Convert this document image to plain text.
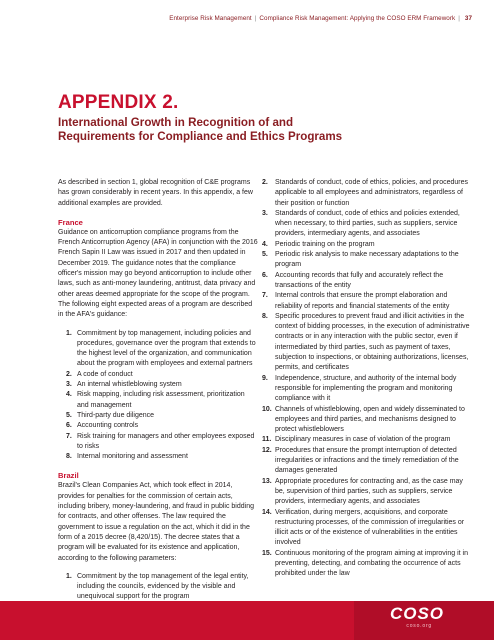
Enterprise Risk Management | Compliance Risk Management: Applying the COSO ERM Framework | 37
APPENDIX 2.
International Growth in Recognition of and Requirements for Compliance and Ethics Programs

As described in section 1, global recognition of C&E programs has grown considerably in recent years. In this appendix, a few additional examples are provided.

France

Guidance on anticorruption compliance programs from the French Anticorruption Agency (AFA) in conjunction with the 2016 French Sapin II Law was issued in 2017 and then updated in December 2019. The guidance notes that the compliance officer's mission may go beyond anticorruption to include other laws, such as anti-money laundering, antitrust, data privacy and other areas deemed appropriate for the scope of the program. The following eight expected areas of a program are described in the AFA's guidance:

1. Commitment by top management, including policies and procedures, governance over the program that extends to the highest level of the organization, and communication about the program with employees and external partners
2. A code of conduct
3. An internal whistleblowing system
4. Risk mapping, including risk assessment, prioritization and management
5. Third-party due diligence
6. Accounting controls
7. Risk training for managers and other employees exposed to risks
8. Internal monitoring and assessment
Brazil

Brazil's Clean Companies Act, which took effect in 2014, provides for penalties for the commission of certain acts, including bribery, money-laundering, and fraud in public bidding for contracts, and other offenses. The law required the government to issue a regulation on the act, which it did in the form of a 2015 decree (8,420/15). The decree states that a program will be evaluated for its existence and application, according to the following parameters:

1. Commitment by the top management of the legal entity, including the councils, evidenced by the visible and unequivocal support for the program
2. Standards of conduct, code of ethics, policies, and procedures applicable to all employees and administrators, regardless of their position or function
3. Standards of conduct, code of ethics and policies extended, when necessary, to third parties, such as suppliers, service providers, intermediary agents, and associates
4. Periodic training on the program
5. Periodic risk analysis to make necessary adaptations to the program
6. Accounting records that fully and accurately reflect the transactions of the entity
7. Internal controls that ensure the prompt elaboration and reliability of reports and financial statements of the entity
8. Specific procedures to prevent fraud and illicit activities in the context of bidding processes, in the execution of administrative contracts or in any interaction with the public sector, even if intermediated by third parties, such as payment of taxes, subjection to inspections, or obtaining authorizations, licenses, permits, and certificates
9. Independence, structure, and authority of the internal body responsible for implementing the program and monitoring compliance with it
10. Channels of whistleblowing, open and widely disseminated to employees and third parties, and mechanisms designed to protect whistleblowers
11. Disciplinary measures in case of violation of the program
12. Procedures that ensure the prompt interruption of detected irregularities or infractions and the timely remediation of the damages generated
13. Appropriate procedures for contracting and, as the case may be, supervision of third parties, such as suppliers, service providers, intermediary agents, and associates
14. Verification, during mergers, acquisitions, and corporate restructuring processes, of the commission of irregularities or illicit acts or of the existence of vulnerabilities in the entities involved
15. Continuous monitoring of the program aiming at improving it in preventing, detecting, and combating the occurrence of acts prohibited under the law
COSO
coso.org
